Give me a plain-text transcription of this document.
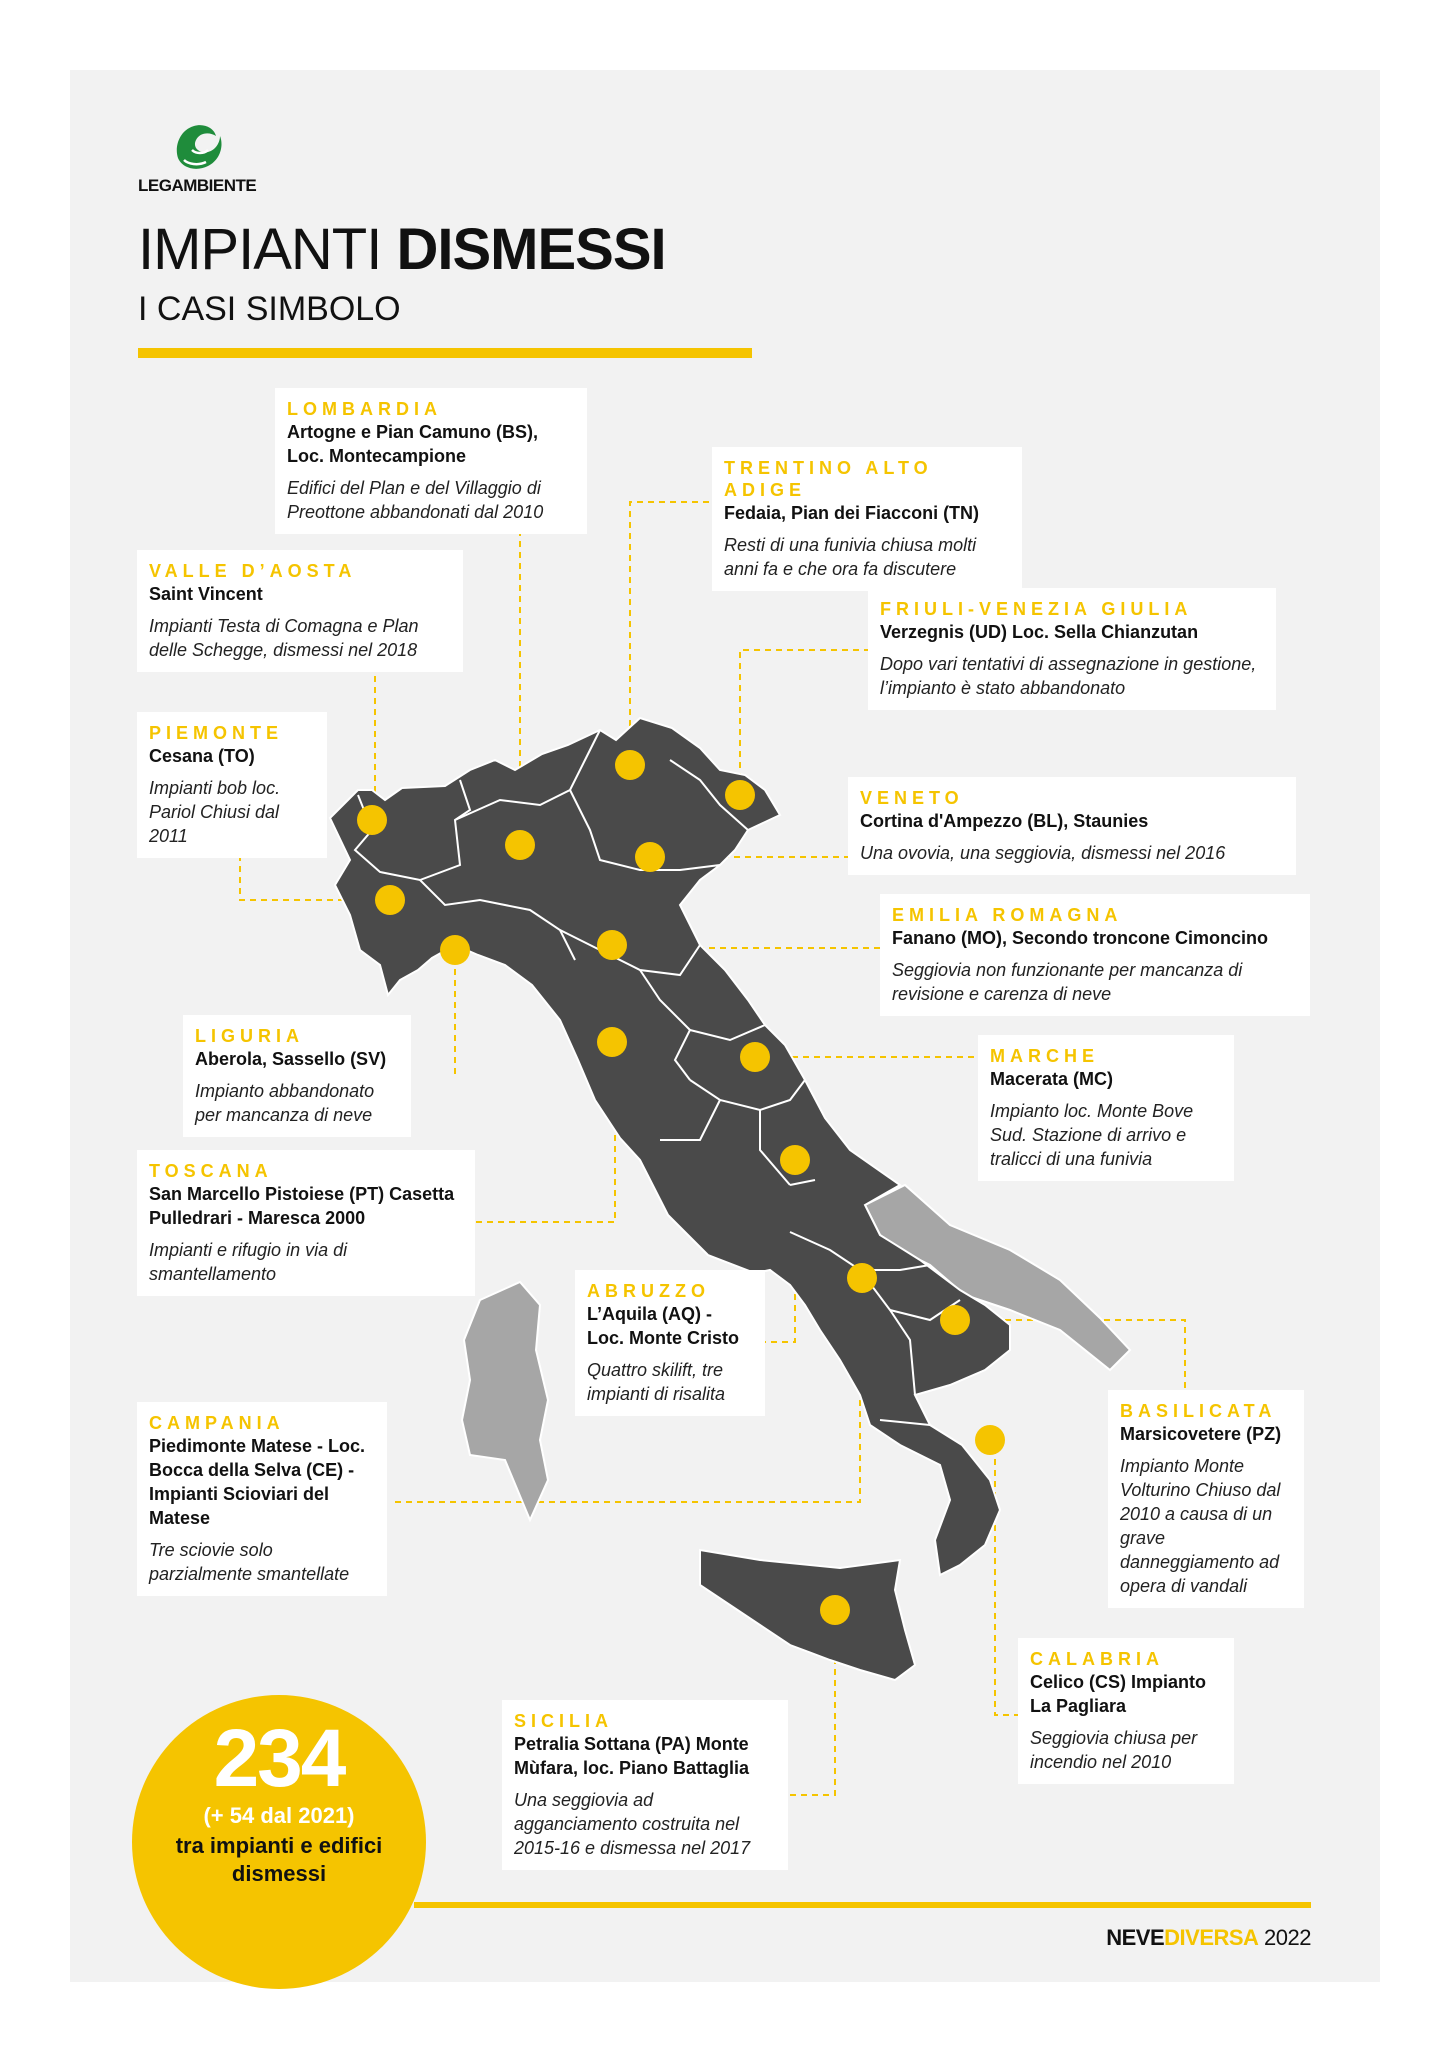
LEGAMBIENTE
IMPIANTI DISMESSI
I CASI SIMBOLO
LOMBARDIA
Artogne e Pian Camuno (BS), Loc. Montecampione
Edifici del Plan e del Villaggio di Preottone abbandonati dal 2010
TRENTINO ALTO ADIGE
Fedaia, Pian dei Fiacconi (TN)
Resti di una funivia chiusa molti anni fa e che ora fa discutere
VALLE D’AOSTA
Saint Vincent
Impianti Testa di Comagna e Plan delle Schegge, dismessi nel 2018
FRIULI-VENEZIA GIULIA
Verzegnis (UD) Loc. Sella Chianzutan
Dopo vari tentativi di assegnazione in gestione, l’impianto è stato abbandonato
PIEMONTE
Cesana (TO)
Impianti bob loc. Pariol Chiusi dal 2011
VENETO
Cortina d'Ampezzo (BL), Staunies
Una ovovia, una seggiovia, dismessi nel 2016
EMILIA ROMAGNA
Fanano (MO), Secondo troncone Cimoncino
Seggiovia non funzionante per mancanza di revisione e carenza di neve
LIGURIA
Aberola, Sassello (SV)
Impianto abbandonato per mancanza di neve
MARCHE
Macerata (MC)
Impianto loc. Monte Bove Sud. Stazione di arrivo e tralicci di una funivia
TOSCANA
San Marcello Pistoiese (PT) Casetta Pulledrari - Maresca 2000
Impianti e rifugio in via di smantellamento
ABRUZZO
L’Aquila (AQ) - Loc. Monte Cristo
Quattro skilift, tre impianti di risalita
CAMPANIA
Piedimonte Matese - Loc. Bocca della Selva (CE) - Impianti Scioviari del Matese
Tre sciovie solo parzialmente smantellate
BASILICATA
Marsicovetere (PZ)
Impianto Monte Volturino Chiuso dal 2010 a causa di un grave danneggiamento ad opera di vandali
CALABRIA
Celico (CS) Impianto La Pagliara
Seggiovia chiusa per incendio nel 2010
SICILIA
Petralia Sottana (PA) Monte Mùfara, loc. Piano Battaglia
Una seggiovia ad agganciamento costruita nel 2015-16 e dismessa nel 2017
234
(+ 54 dal 2021)
tra impianti e edifici dismessi
NEVEDIVERSA 2022
